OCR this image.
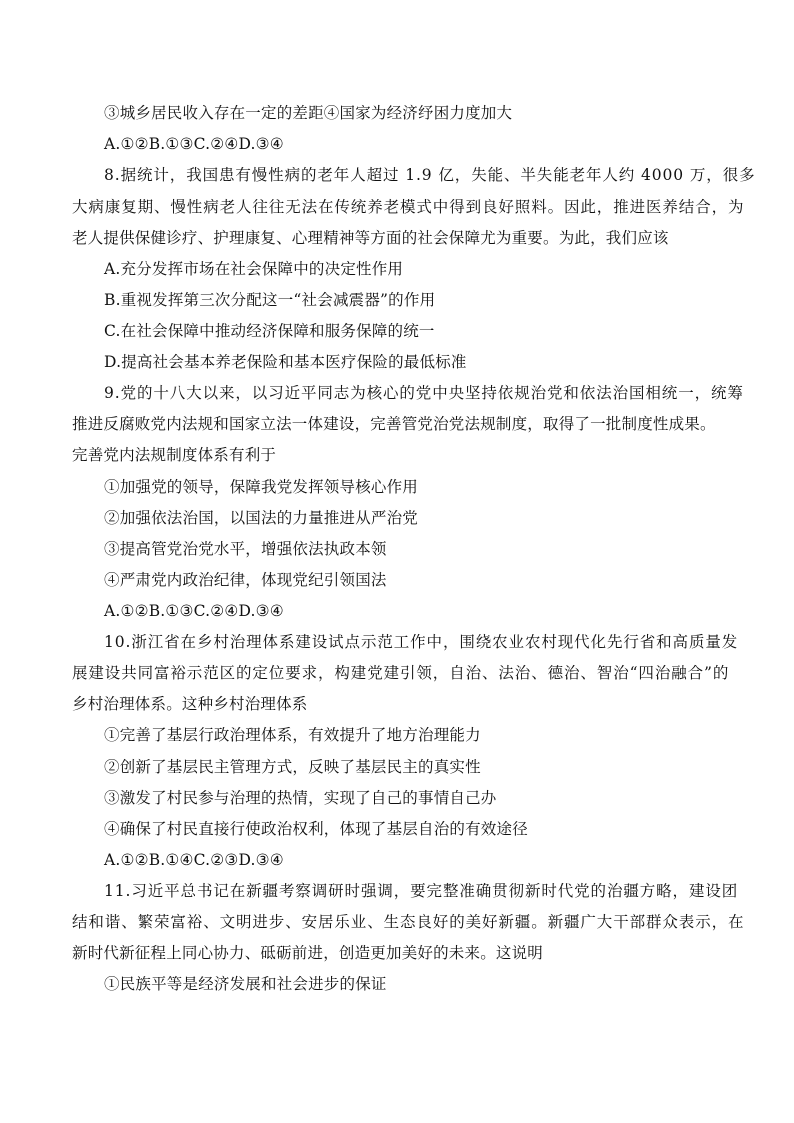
③城乡居民收入存在一定的差距④国家为经济纾困力度加大
A.①②B.①③C.②④D.③④
8.据统计，我国患有慢性病的老年人超过 1.9 亿，失能、半失能老年人约 4000 万，很多
大病康复期、慢性病老人往往无法在传统养老模式中得到良好照料。因此，推进医养结合，为
老人提供保健诊疗、护理康复、心理精神等方面的社会保障尤为重要。为此，我们应该
A.充分发挥市场在社会保障中的决定性作用
B.重视发挥第三次分配这一“社会减震器”的作用
C.在社会保障中推动经济保障和服务保障的统一
D.提高社会基本养老保险和基本医疗保险的最低标准
9.党的十八大以来，以习近平同志为核心的党中央坚持依规治党和依法治国相统一，统筹
推进反腐败党内法规和国家立法一体建设，完善管党治党法规制度，取得了一批制度性成果。
完善党内法规制度体系有利于
①加强党的领导，保障我党发挥领导核心作用
②加强依法治国，以国法的力量推进从严治党
③提高管党治党水平，增强依法执政本领
④严肃党内政治纪律，体现党纪引领国法
A.①②B.①③C.②④D.③④
10.浙江省在乡村治理体系建设试点示范工作中，围绕农业农村现代化先行省和高质量发
展建设共同富裕示范区的定位要求，构建党建引领，自治、法治、德治、智治“四治融合”的
乡村治理体系。这种乡村治理体系
①完善了基层行政治理体系，有效提升了地方治理能力
②创新了基层民主管理方式，反映了基层民主的真实性
③激发了村民参与治理的热情，实现了自己的事情自己办
④确保了村民直接行使政治权利，体现了基层自治的有效途径
A.①②B.①④C.②③D.③④
11.习近平总书记在新疆考察调研时强调，要完整准确贯彻新时代党的治疆方略，建设团
结和谐、繁荣富裕、文明进步、安居乐业、生态良好的美好新疆。新疆广大干部群众表示，在
新时代新征程上同心协力、砥砺前进，创造更加美好的未来。这说明
①民族平等是经济发展和社会进步的保证
